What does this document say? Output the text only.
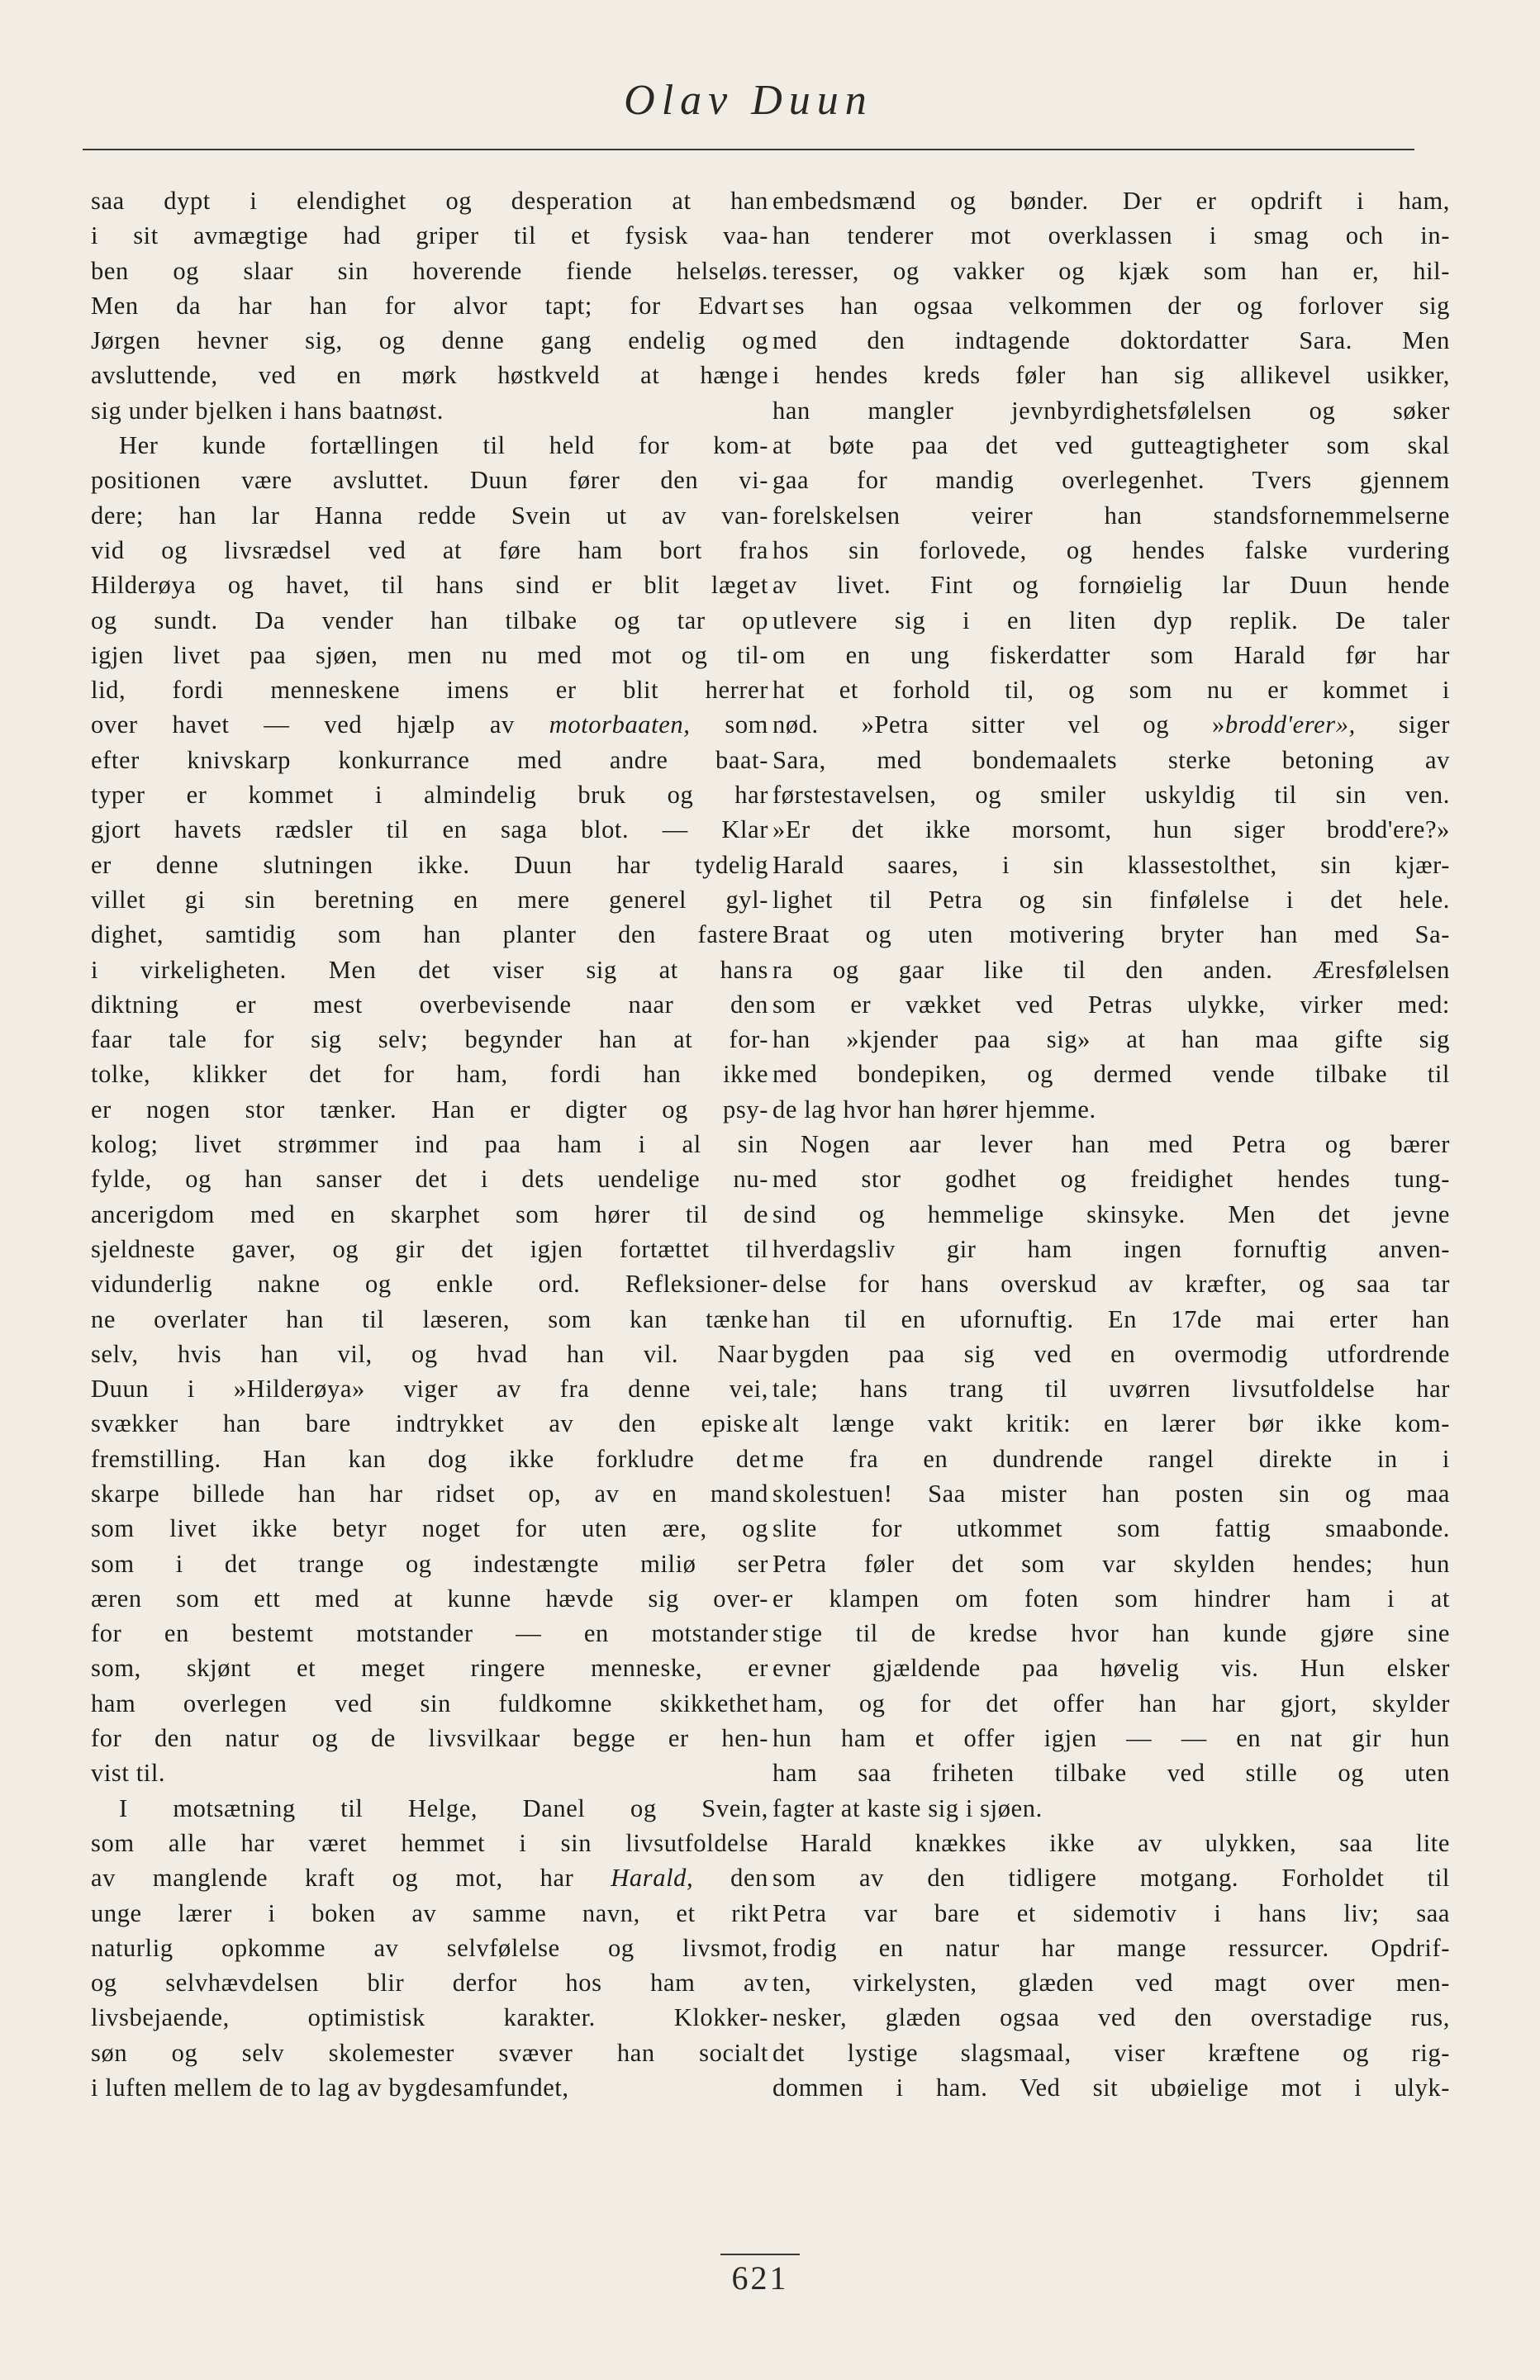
Olav Duun
saa dypt i elendighet og desperation at han
i sit avmægtige had griper til et fysisk vaa-
ben og slaar sin hoverende fiende helseløs.
Men da har han for alvor tapt; for Edvart
Jørgen hevner sig, og denne gang endelig og
avsluttende, ved en mørk høstkveld at hænge
sig under bjelken i hans baatnøst.
Her kunde fortællingen til held for kom-
positionen være avsluttet. Duun fører den vi-
dere; han lar Hanna redde Svein ut av van-
vid og livsrædsel ved at føre ham bort fra
Hilderøya og havet, til hans sind er blit læget
og sundt. Da vender han tilbake og tar op
igjen livet paa sjøen, men nu med mot og til-
lid, fordi menneskene imens er blit herrer
over havet — ved hjælp av motorbaaten, som
efter knivskarp konkurrance med andre baat-
typer er kommet i almindelig bruk og har
gjort havets rædsler til en saga blot. — Klar
er denne slutningen ikke. Duun har tydelig
villet gi sin beretning en mere generel gyl-
dighet, samtidig som han planter den fastere
i virkeligheten. Men det viser sig at hans
diktning er mest overbevisende naar den
faar tale for sig selv; begynder han at for-
tolke, klikker det for ham, fordi han ikke
er nogen stor tænker. Han er digter og psy-
kolog; livet strømmer ind paa ham i al sin
fylde, og han sanser det i dets uendelige nu-
ancerigdom med en skarphet som hører til de
sjeldneste gaver, og gir det igjen fortættet til
vidunderlig nakne og enkle ord. Refleksioner-
ne overlater han til læseren, som kan tænke
selv, hvis han vil, og hvad han vil. Naar
Duun i »Hilderøya» viger av fra denne vei,
svækker han bare indtrykket av den episke
fremstilling. Han kan dog ikke forkludre det
skarpe billede han har ridset op, av en mand
som livet ikke betyr noget for uten ære, og
som i det trange og indestængte miliø ser
æren som ett med at kunne hævde sig over-
for en bestemt motstander — en motstander
som, skjønt et meget ringere menneske, er
ham overlegen ved sin fuldkomne skikkethet
for den natur og de livsvilkaar begge er hen-
vist til.
I motsætning til Helge, Danel og Svein,
som alle har været hemmet i sin livsutfoldelse
av manglende kraft og mot, har Harald, den
unge lærer i boken av samme navn, et rikt
naturlig opkomme av selvfølelse og livsmot,
og selvhævdelsen blir derfor hos ham av
livsbejaende, optimistisk karakter. Klokker-
søn og selv skolemester svæver han socialt
i luften mellem de to lag av bygdesamfundet,
embedsmænd og bønder. Der er opdrift i ham,
han tenderer mot overklassen i smag och in-
teresser, og vakker og kjæk som han er, hil-
ses han ogsaa velkommen der og forlover sig
med den indtagende doktordatter Sara. Men
i hendes kreds føler han sig allikevel usikker,
han mangler jevnbyrdighetsfølelsen og søker
at bøte paa det ved gutteagtigheter som skal
gaa for mandig overlegenhet. Tvers gjennem
forelskelsen veirer han standsfornemmelserne
hos sin forlovede, og hendes falske vurdering
av livet. Fint og fornøielig lar Duun hende
utlevere sig i en liten dyp replik. De taler
om en ung fiskerdatter som Harald før har
hat et forhold til, og som nu er kommet i
nød. »Petra sitter vel og »brodd'erer», siger
Sara, med bondemaalets sterke betoning av
førstestavelsen, og smiler uskyldig til sin ven.
»Er det ikke morsomt, hun siger brodd'ere?»
Harald saares, i sin klassestolthet, sin kjær-
lighet til Petra og sin finfølelse i det hele.
Braat og uten motivering bryter han med Sa-
ra og gaar like til den anden. Æresfølelsen
som er vækket ved Petras ulykke, virker med:
han »kjender paa sig» at han maa gifte sig
med bondepiken, og dermed vende tilbake til
de lag hvor han hører hjemme.
Nogen aar lever han med Petra og bærer
med stor godhet og freidighet hendes tung-
sind og hemmelige skinsyke. Men det jevne
hverdagsliv gir ham ingen fornuftig anven-
delse for hans overskud av kræfter, og saa tar
han til en ufornuftig. En 17de mai erter han
bygden paa sig ved en overmodig utfordrende
tale; hans trang til uvørren livsutfoldelse har
alt længe vakt kritik: en lærer bør ikke kom-
me fra en dundrende rangel direkte in i
skolestuen! Saa mister han posten sin og maa
slite for utkommet som fattig smaabonde.
Petra føler det som var skylden hendes; hun
er klampen om foten som hindrer ham i at
stige til de kredse hvor han kunde gjøre sine
evner gjældende paa høvelig vis. Hun elsker
ham, og for det offer han har gjort, skylder
hun ham et offer igjen — — en nat gir hun
ham saa friheten tilbake ved stille og uten
fagter at kaste sig i sjøen.
Harald knækkes ikke av ulykken, saa lite
som av den tidligere motgang. Forholdet til
Petra var bare et sidemotiv i hans liv; saa
frodig en natur har mange ressurcer. Opdrif-
ten, virkelysten, glæden ved magt over men-
nesker, glæden ogsaa ved den overstadige rus,
det lystige slagsmaal, viser kræftene og rig-
dommen i ham. Ved sit ubøielige mot i ulyk-
621
